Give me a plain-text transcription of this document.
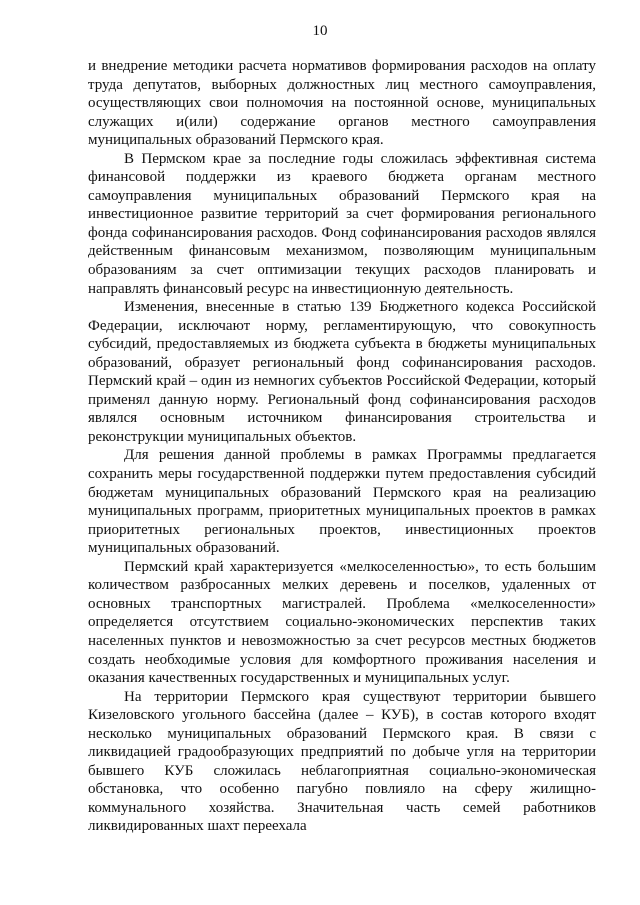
10

и внедрение методики расчета нормативов формирования расходов на оплату труда депутатов, выборных должностных лиц местного самоуправления, осуществляющих свои полномочия на постоянной основе, муниципальных служащих и(или) содержание органов местного самоуправления муниципальных образований Пермского края.

В Пермском крае за последние годы сложилась эффективная система финансовой поддержки из краевого бюджета органам местного самоуправления муниципальных образований Пермского края на инвестиционное развитие территорий за счет формирования регионального фонда софинансирования расходов. Фонд софинансирования расходов являлся действенным финансовым механизмом, позволяющим муниципальным образованиям за счет оптимизации текущих расходов планировать и направлять финансовый ресурс на инвестиционную деятельность.

Изменения, внесенные в статью 139 Бюджетного кодекса Российской Федерации, исключают норму, регламентирующую, что совокупность субсидий, предоставляемых из бюджета субъекта в бюджеты муниципальных образований, образует региональный фонд софинансирования расходов. Пермский край – один из немногих субъектов Российской Федерации, который применял данную норму. Региональный фонд софинансирования расходов являлся основным источником финансирования строительства и реконструкции муниципальных объектов.

Для решения данной проблемы в рамках Программы предлагается сохранить меры государственной поддержки путем предоставления субсидий бюджетам муниципальных образований Пермского края на реализацию муниципальных программ, приоритетных муниципальных проектов в рамках приоритетных региональных проектов, инвестиционных проектов муниципальных образований.

Пермский край характеризуется «мелкоселенностью», то есть большим количеством разбросанных мелких деревень и поселков, удаленных от основных транспортных магистралей. Проблема «мелкоселенности» определяется отсутствием социально-экономических перспектив таких населенных пунктов и невозможностью за счет ресурсов местных бюджетов создать необходимые условия для комфортного проживания населения и оказания качественных государственных и муниципальных услуг.

На территории Пермского края существуют территории бывшего Кизеловского угольного бассейна (далее – КУБ), в состав которого входят несколько муниципальных образований Пермского края. В связи с ликвидацией градообразующих предприятий по добыче угля на территории бывшего КУБ сложилась неблагоприятная социально-экономическая обстановка, что особенно пагубно повлияло на сферу жилищно-коммунального хозяйства. Значительная часть семей работников ликвидированных шахт переехала
